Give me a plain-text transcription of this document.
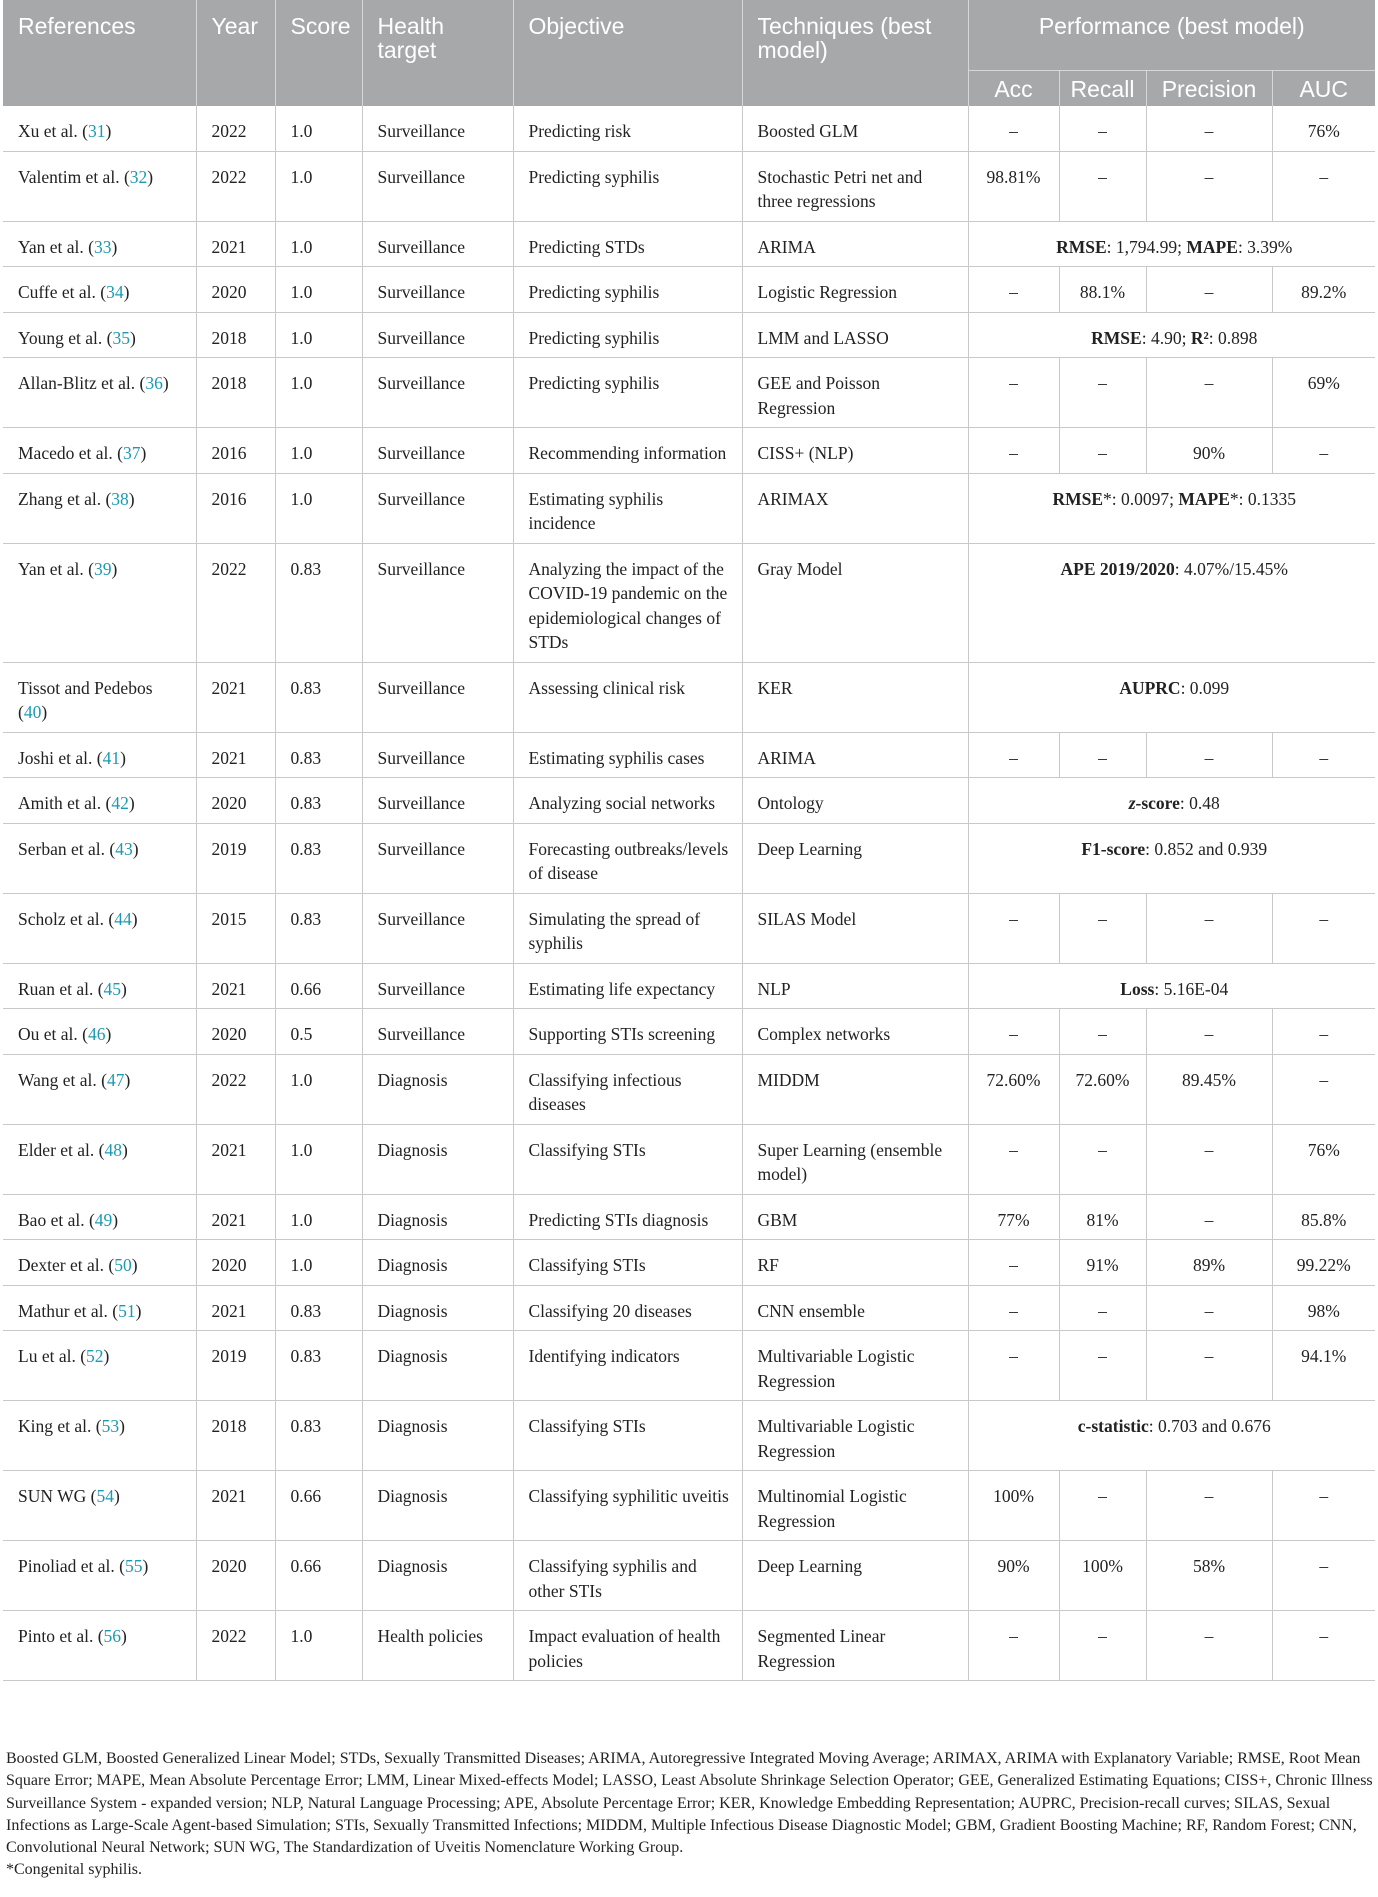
References	Year	Score	Health target	Objective	Techniques (best model)	Performance (best model)			
						Acc	Recall	Precision	AUC
Xu et al. (31)	2022	1.0	Surveillance	Predicting risk	Boosted GLM	–	–	–	76%
Valentim et al. (32)	2022	1.0	Surveillance	Predicting syphilis	Stochastic Petri net and three regressions	98.81%	–	–	–
Yan et al. (33)	2021	1.0	Surveillance	Predicting STDs	ARIMA	RMSE: 1,794.99; MAPE: 3.39%			
Cuffe et al. (34)	2020	1.0	Surveillance	Predicting syphilis	Logistic Regression	–	88.1%	–	89.2%
Young et al. (35)	2018	1.0	Surveillance	Predicting syphilis	LMM and LASSO	RMSE: 4.90; R²: 0.898			
Allan-Blitz et al. (36)	2018	1.0	Surveillance	Predicting syphilis	GEE and Poisson Regression	–	–	–	69%
Macedo et al. (37)	2016	1.0	Surveillance	Recommending information	CISS+ (NLP)	–	–	90%	–
Zhang et al. (38)	2016	1.0	Surveillance	Estimating syphilis incidence	ARIMAX	RMSE*: 0.0097; MAPE*: 0.1335			
Yan et al. (39)	2022	0.83	Surveillance	Analyzing the impact of the COVID-19 pandemic on the epidemiological changes of STDs	Gray Model	APE 2019/2020: 4.07%/15.45%			
Tissot and Pedebos (40)	2021	0.83	Surveillance	Assessing clinical risk	KER	AUPRC: 0.099			
Joshi et al. (41)	2021	0.83	Surveillance	Estimating syphilis cases	ARIMA	–	–	–	–
Amith et al. (42)	2020	0.83	Surveillance	Analyzing social networks	Ontology	z-score: 0.48			
Serban et al. (43)	2019	0.83	Surveillance	Forecasting outbreaks/levels of disease	Deep Learning	F1-score: 0.852 and 0.939			
Scholz et al. (44)	2015	0.83	Surveillance	Simulating the spread of syphilis	SILAS Model	–	–	–	–
Ruan et al. (45)	2021	0.66	Surveillance	Estimating life expectancy	NLP	Loss: 5.16E-04			
Ou et al. (46)	2020	0.5	Surveillance	Supporting STIs screening	Complex networks	–	–	–	–
Wang et al. (47)	2022	1.0	Diagnosis	Classifying infectious diseases	MIDDM	72.60%	72.60%	89.45%	–
Elder et al. (48)	2021	1.0	Diagnosis	Classifying STIs	Super Learning (ensemble model)	–	–	–	76%
Bao et al. (49)	2021	1.0	Diagnosis	Predicting STIs diagnosis	GBM	77%	81%	–	85.8%
Dexter et al. (50)	2020	1.0	Diagnosis	Classifying STIs	RF	–	91%	89%	99.22%
Mathur et al. (51)	2021	0.83	Diagnosis	Classifying 20 diseases	CNN ensemble	–	–	–	98%
Lu et al. (52)	2019	0.83	Diagnosis	Identifying indicators	Multivariable Logistic Regression	–	–	–	94.1%
King et al. (53)	2018	0.83	Diagnosis	Classifying STIs	Multivariable Logistic Regression	c-statistic: 0.703 and 0.676			
SUN WG (54)	2021	0.66	Diagnosis	Classifying syphilitic uveitis	Multinomial Logistic Regression	100%	–	–	–
Pinoliad et al. (55)	2020	0.66	Diagnosis	Classifying syphilis and other STIs	Deep Learning	90%	100%	58%	–
Pinto et al. (56)	2022	1.0	Health policies	Impact evaluation of health policies	Segmented Linear Regression	–	–	–	–

Boosted GLM, Boosted Generalized Linear Model; STDs, Sexually Transmitted Diseases; ARIMA, Autoregressive Integrated Moving Average; ARIMAX, ARIMA with Explanatory Variable; RMSE, Root Mean Square Error; MAPE, Mean Absolute Percentage Error; LMM, Linear Mixed-effects Model; LASSO, Least Absolute Shrinkage Selection Operator; GEE, Generalized Estimating Equations; CISS+, Chronic Illness Surveillance System - expanded version; NLP, Natural Language Processing; APE, Absolute Percentage Error; KER, Knowledge Embedding Representation; AUPRC, Precision-recall curves; SILAS, Sexual Infections as Large-Scale Agent-based Simulation; STIs, Sexually Transmitted Infections; MIDDM, Multiple Infectious Disease Diagnostic Model; GBM, Gradient Boosting Machine; RF, Random Forest; CNN, Convolutional Neural Network; SUN WG, The Standardization of Uveitis Nomenclature Working Group.

*Congenital syphilis.
